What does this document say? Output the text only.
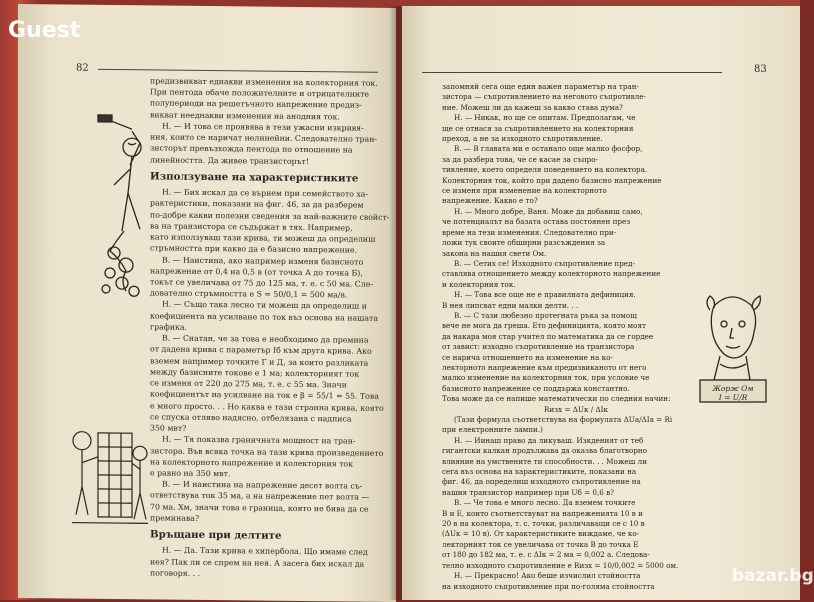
82

предизвикват еднакви изменения на колекторния ток.

При пентода обаче положителните и отрицателните

полупериоди на решетъчното напрежение предиз-

викват нееднакви изменения на анодния ток.

Н. — И това се проявява в тези ужасни изкривя-

ния, които се наричат нелинейни. Следователно тран-

зисторът превъзхожда пентода по отношение на

линейността. Да живее транзисторът!

Използуване на характеристиките

Н. — Бих искал да се върнем при семейството ха-

рактеристики, показани на фиг. 46, за да разберем

по-добре какви полезни сведения за най-важните свойст-

ва на транзистора се съдържат в тях. Например,

като използуваш тази крива, ти можеш да определиш

стръмността при какво да е базисно напрежение.

В. — Наистина, ако например изменя базисното

напрежение от 0,4 на 0,5 в (от точка А до точка Б),

токът се увеличава от 75 до 125 ма, т. е. с 50 ма. Сле-

дователно стръмността е S = 50/0,1 = 500 ма/в.

Н. — Също така лесно ти можеш да определиш и

коефициента на усилване по ток въз основа на нашата

графика.

В. — Снатан, че за това е необходимо да премина

от дадена крива с параметър Iб към друга крива. Ако

вземем например точките Г и Д, за които разликата

между базисните токове е 1 ма; колекторният ток

се изменя от 220 до 275 ма, т. е. с 55 ма. Значи

коефициентът на усилване на ток е β = 55/1 = 55. Това

е много просто. . . Но каква е тази странна крива, която

се спуска отляво надясно, отбелязана с надписа

350 мвт?

Н. — Тя показва граничната мощност на тран-

зистора. Във всяка точка на тази крива произведението

на колекторното напрежение и колекторния ток

е равно на 350 мвт.

В. — И наистина на напрежение десет волта съ-

ответствува ток 35 ма, а на напрежение пет волта —

70 ма. Хм, значи това е граница, която не бива да се

преминава?

Връщане при делтите

Н. — Да. Тази крива е хипербола. Що имаме след

нея? Пак ли се спрем на нея. А засега бих искал да

поговоря. . .

83

запомняй сега още един важен параметър на тран-

зистора — съпротивлението на неговото съпротивле-

ние. Можеш ли да кажеш за какво става дума?

Н. — Никак, но ще се опитам. Предполагам, че

ще се отнася за съпротивлението на колекторния

преход, а не за изходното съпротивление.

В. — В главата ми е останало още малко фосфор,

за да разбера това, че се касае за съпро-

тивление, което определя поведението на колектора.

Колекторния ток, който при дадено базисно напрежение

се изменя при изменение на колекторното

напрежение. Какво е то?

Н. — Много добре, Ваня. Може да добавиш само,

че потенциалът на базата остава постоянен през

време на тези изменения. Следователно при-

ложи тук своите обширни разсъждения за

закона на нашия свети Ом.

В. — Сетих се! Изходното съпротивление пред-

ставлява отношението между колекторното напрежение

и колекторния ток.

Н. — Това все още не е правилната дефиниция.

В нея липсват едни малки делти. . .

В. — С тази любезно протегната ръка за помощ

вече не мога да греша. Ето дефиницията, която моят

да накара моя стар учител по математика да се гордее

от завист: изходно съпротивление на транзистора

се нарича отношението на изменение на ко-

лекторното напрежение към предизвиканото от него

малко изменение на колекторния ток, при условие че

базисното напрежение се поддържа константно.

Това може да се напише математически по следния начин:

Rизх = ΔUк / ΔIк

(Тази формула съответствува на формулата ΔUа/ΔIа = Ri

при електронните лампи.)

Н. — Иинаш право да ликуваш. Изкденият от теб

гигантски калкан продължава да оказва благотворно

влияние на умствените ти способности. . . Можеш ли

сега въз основа на характеристиките, показани на

фиг. 46, да определиш изходното съпротивление на

нашия транзистор например при Uб = 0,6 в?

В. — Че това е много лесно. Да вземем точките

В и Е, които съответствуват на напреженията 10 в и

20 в на колектора, т. с. точки, различаващи се с 10 в

(ΔUк = 10 в). От характеристиките виждаме, че ко-

лекторният ток се увеличава от точка В до точка Е

от 180 до 182 ма, т. е. с ΔIк = 2 ма = 0,002 а. Следова-

телно изходното съпротивление е Rизх = 10/0,002 = 5000 ом.

Н. — Прекрасно! Ако беше изчислил стойността

на изходното съпротивление при по-голяма стойността

Жорж Ом
I = U/R
bazar.bg
Guest
